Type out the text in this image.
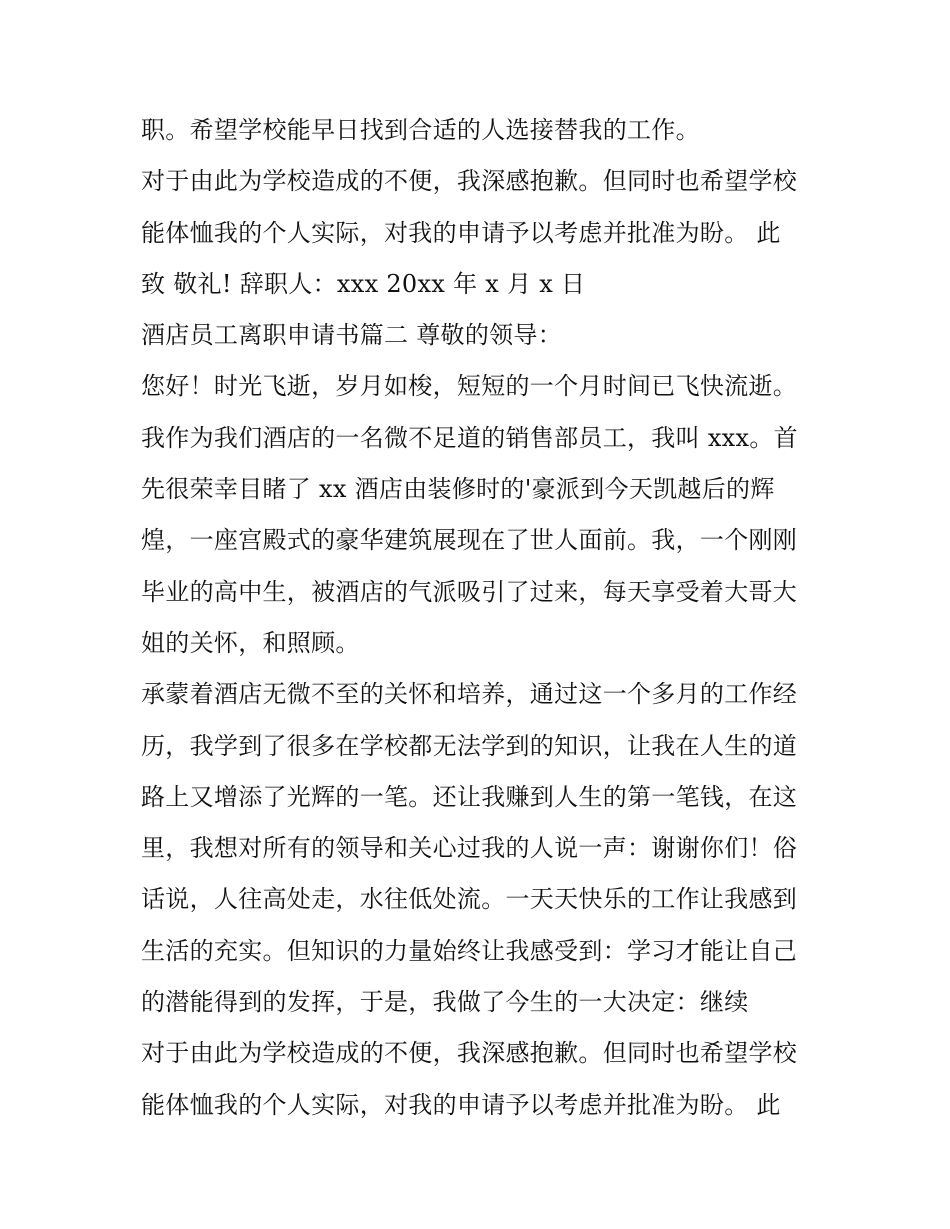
职。希望学校能早日找到合适的人选接替我的工作。
对于由此为学校造成的不便，我深感抱歉。但同时也希望学校
能体恤我的个人实际，对我的申请予以考虑并批准为盼。 此
致 敬礼! 辞职人：xxx 20xx 年 x 月 x 日
酒店员工离职申请书篇二 尊敬的领导：
您好！时光飞逝，岁月如梭，短短的一个月时间已飞快流逝。
我作为我们酒店的一名微不足道的销售部员工，我叫 xxx。首
先很荣幸目睹了 xx 酒店由装修时的'豪派到今天凯越后的辉
煌，一座宫殿式的豪华建筑展现在了世人面前。我，一个刚刚
毕业的高中生，被酒店的气派吸引了过来，每天享受着大哥大
姐的关怀，和照顾。
承蒙着酒店无微不至的关怀和培养，通过这一个多月的工作经
历，我学到了很多在学校都无法学到的知识，让我在人生的道
路上又增添了光辉的一笔。还让我赚到人生的第一笔钱，在这
里，我想对所有的领导和关心过我的人说一声：谢谢你们！俗
话说，人往高处走，水往低处流。一天天快乐的工作让我感到
生活的充实。但知识的力量始终让我感受到：学习才能让自己
的潜能得到的发挥，于是，我做了今生的一大决定：继续
对于由此为学校造成的不便，我深感抱歉。但同时也希望学校
能体恤我的个人实际，对我的申请予以考虑并批准为盼。 此
